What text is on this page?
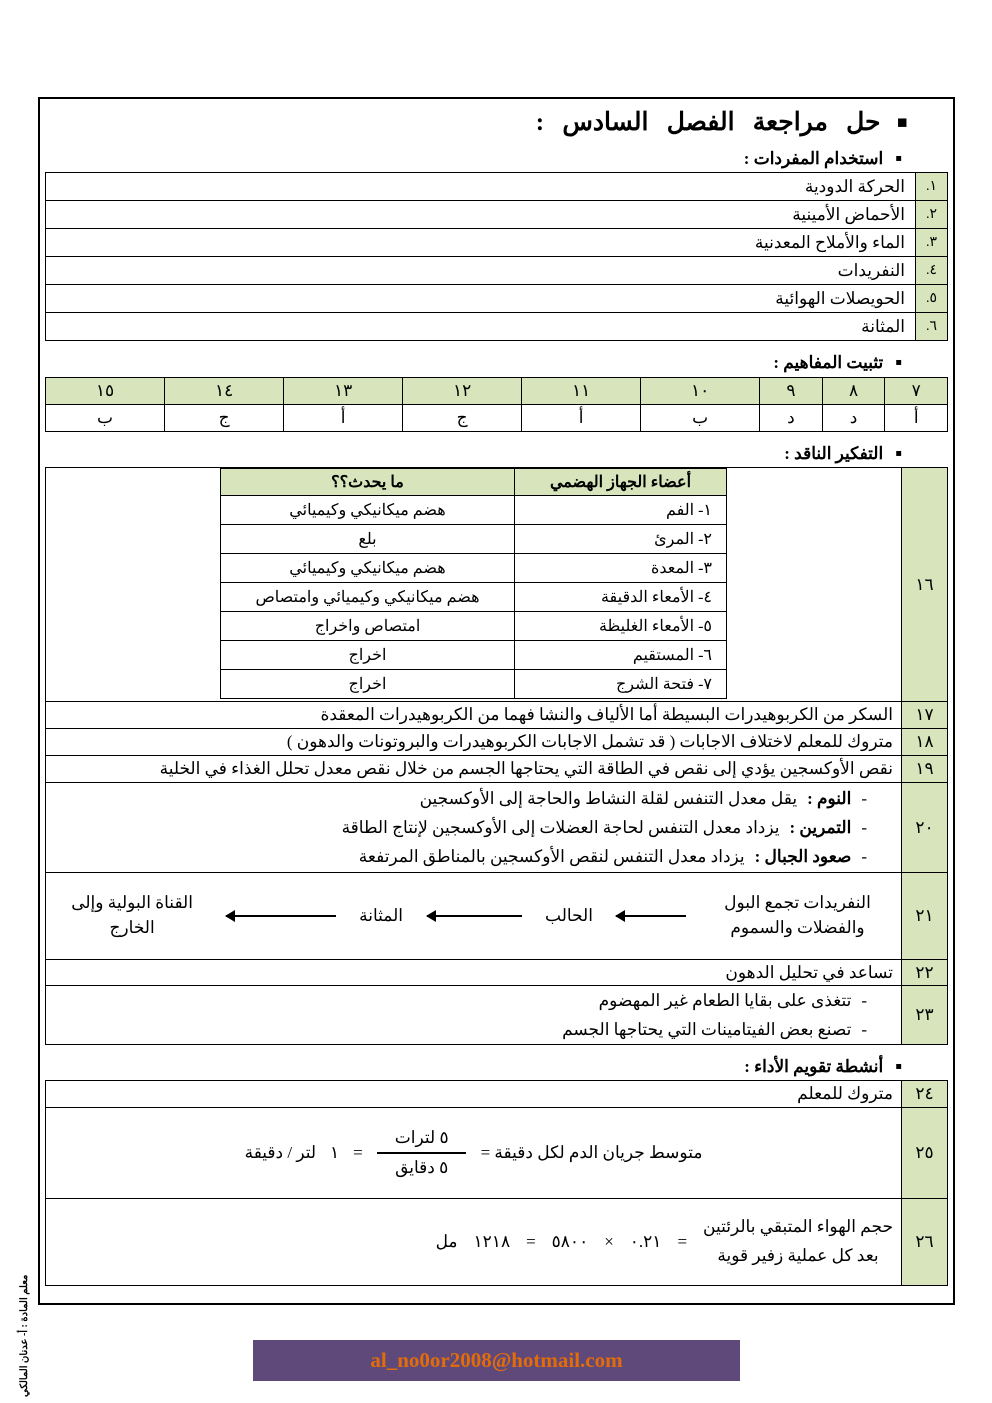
▪حل مراجعة الفصل السادس :
▪استخدام المفردات :
١.
الحركة الدودية
٢.
الأحماض الأمينية
٣.
الماء والأملاح المعدنية
٤.
النفريدات
٥.
الحويصلات الهوائية
٦.
المثانة
▪تثبيت المفاهيم :
٧	٨	٩	١٠	١١	١٢	١٣	١٤	١٥
أ	د	د	ب	أ	ج	أ	ج	ب
▪التفكير الناقد :
١٦
أعضاء الجهاز الهضمي	ما يحدث؟؟
١- الفم	هضم ميكانيكي وكيميائي
٢- المرئ	بلع
٣- المعدة	هضم ميكانيكي وكيميائي
٤- الأمعاء الدقيقة	هضم ميكانيكي وكيميائي وامتصاص
٥- الأمعاء الغليظة	امتصاص واخراج
٦- المستقيم	اخراج
٧- فتحة الشرج	اخراج
١٧
السكر من الكربوهيدرات البسيطة أما الألياف والنشا فهما من الكربوهيدرات المعقدة
١٨
متروك للمعلم لاختلاف الاجابات ( قد تشمل الاجابات الكربوهيدرات والبروتونات والدهون )
١٩
نقص الأوكسجين يؤدي إلى نقص في الطاقة التي يحتاجها الجسم من خلال نقص معدل تحلل الغذاء في الخلية
٢٠
-
النوم :
يقل معدل التنفس لقلة النشاط والحاجة إلى الأوكسجين
-
التمرين :
يزداد معدل التنفس لحاجة العضلات إلى الأوكسجين لإنتاج الطاقة
-
صعود الجبال :
يزداد معدل التنفس لنقص الأوكسجين بالمناطق المرتفعة
٢١
النفريدات تجمع البول والفضلات والسموم
الحالب
المثانة
القناة البولية وإلى الخارج
٢٢
تساعد في تحليل الدهون
٢٣
-
تتغذى على بقايا الطعام غير المهضوم
-
تصنع بعض الفيتامينات التي يحتاجها الجسم
▪أنشطة تقويم الأداء :
٢٤
متروك للمعلم
٢٥
متوسط جريان الدم لكل دقيقة =
$\frac{\text{٥ لترات}}{\text{٥ دقايق}}$
=
١
لتر / دقيقة
٢٦
حجم الهواء المتبقي بالرئتين
بعد كل عملية زفير قوية
=
٠.٢١
×
٥٨٠٠
=
١٢١٨
مل
al_no0or2008@hotmail.com
معلم المادة : أ- عدنان المالكي
